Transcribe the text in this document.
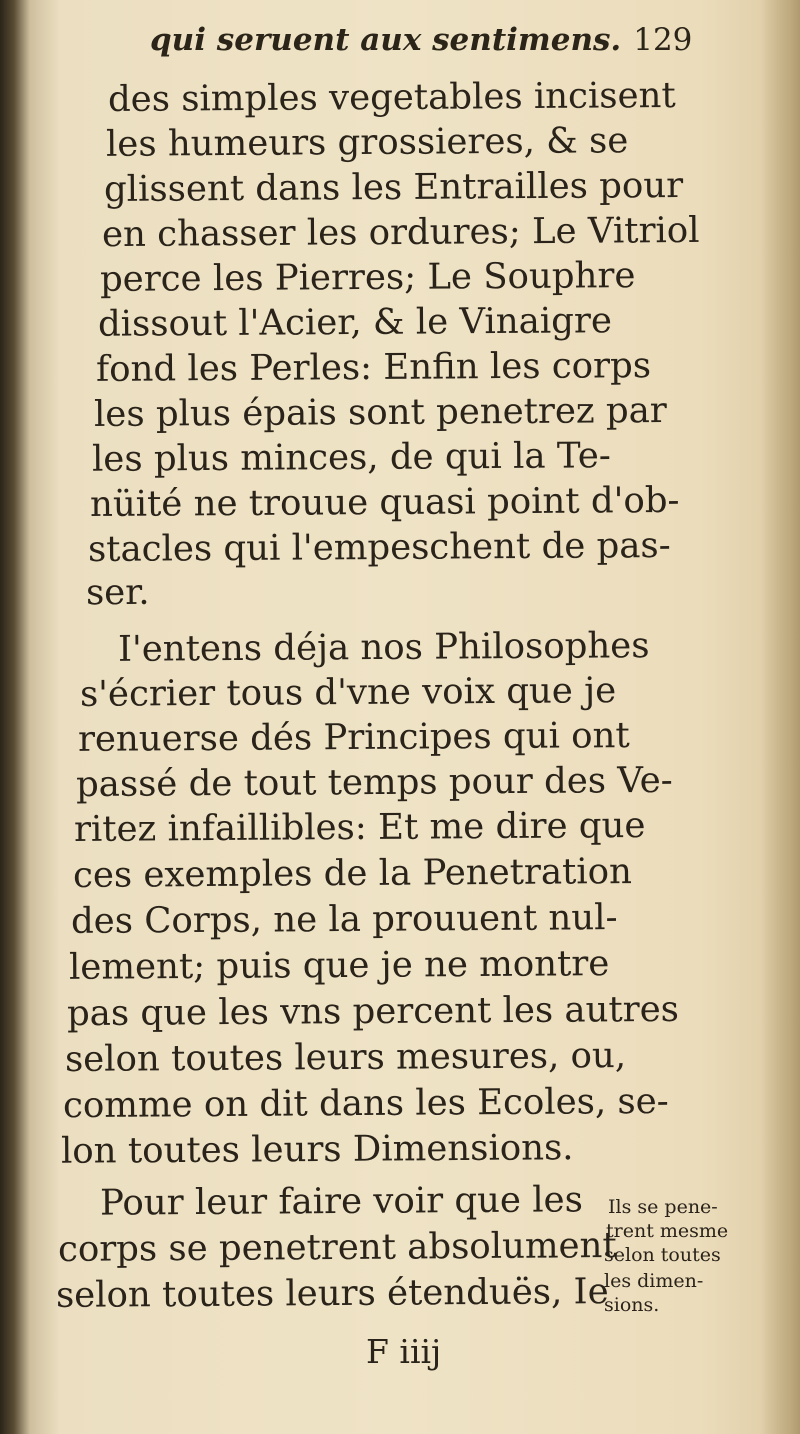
qui seruent aux sentimens. 129
des simples vegetables incisent
les humeurs grossieres, & se
glissent dans les Entrailles pour
en chasser les ordures; Le Vitriol
perce les Pierres; Le Souphre
dissout l'Acier, & le Vinaigre
fond les Perles: Enfin les corps
les plus épais sont penetrez par
les plus minces, de qui la Te-
nüité ne trouue quasi point d'ob-
stacles qui l'empeschent de pas-
ser.
I'entens déja nos Philosophes
s'écrier tous d'vne voix que je
renuerse dés Principes qui ont
passé de tout temps pour des Ve-
ritez infaillibles: Et me dire que
ces exemples de la Penetration
des Corps, ne la prouuent nul-
lement; puis que je ne montre
pas que les vns percent les autres
selon toutes leurs mesures, ou,
comme on dit dans les Ecoles, se-
lon toutes leurs Dimensions.
Pour leur faire voir que les
corps se penetrent absolument
selon toutes leurs étenduës, Ie
Ils se pene-
trent mesme
selon toutes
les dimen-
sions.
F iiij
